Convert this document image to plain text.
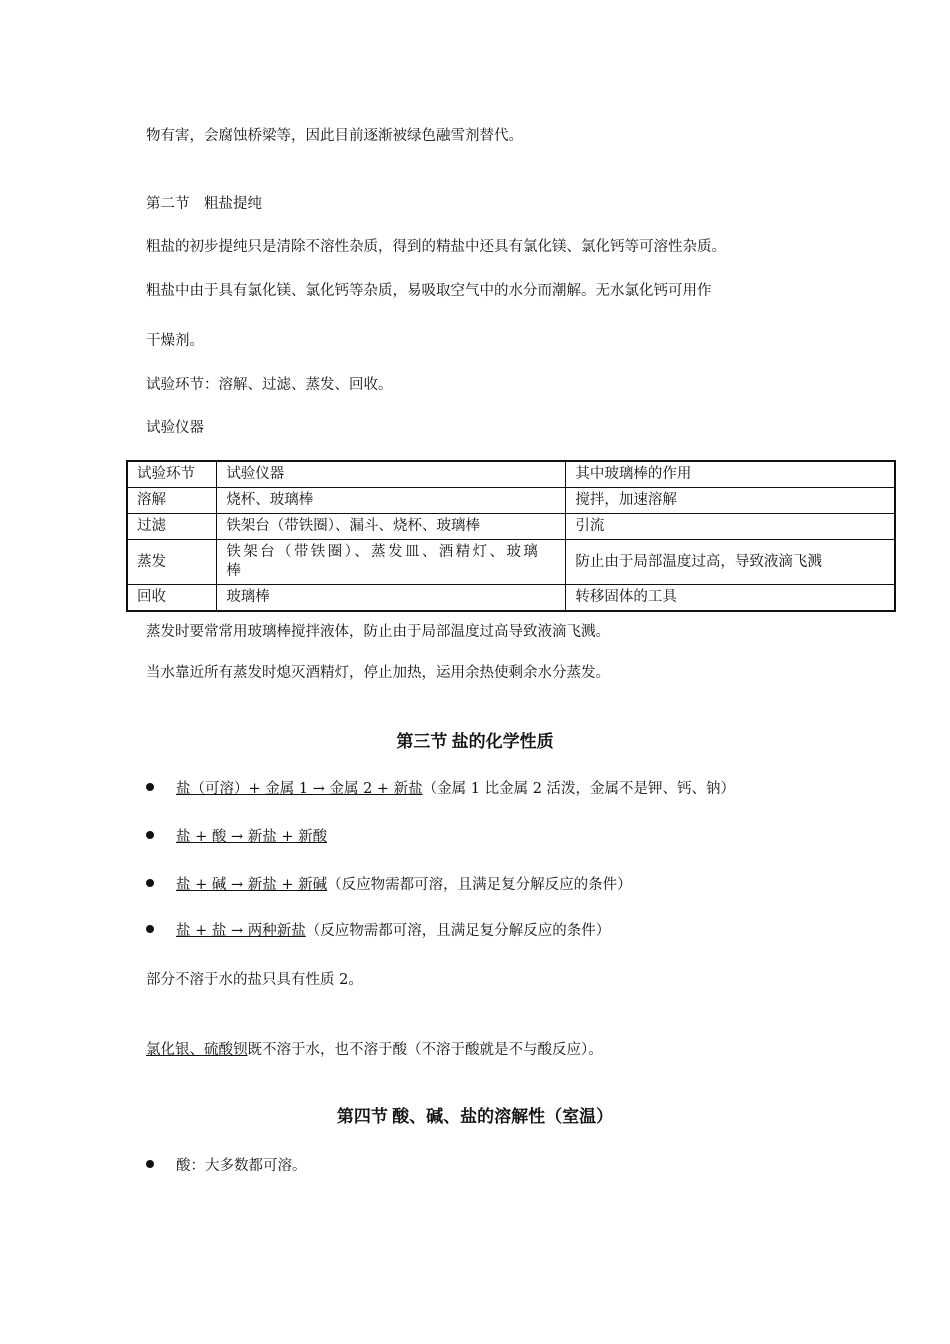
物有害，会腐蚀桥梁等，因此目前逐渐被绿色融雪剂替代。

第二节　粗盐提纯

粗盐的初步提纯只是清除不溶性杂质，得到的精盐中还具有氯化镁、氯化钙等可溶性杂质。

粗盐中由于具有氯化镁、氯化钙等杂质，易吸取空气中的水分而潮解。无水氯化钙可用作

干燥剂。

试验环节：溶解、过滤、蒸发、回收。

试验仪器

试验环节	试验仪器	其中玻璃棒的作用
溶解	烧杯、玻璃棒	搅拌，加速溶解
过滤	铁架台（带铁圈）、漏斗、烧杯、玻璃棒	引流
蒸发	铁架台（带铁圈）、蒸发皿、酒精灯、玻璃棒	防止由于局部温度过高，导致液滴飞溅
回收	玻璃棒	转移固体的工具

蒸发时要常常用玻璃棒搅拌液体，防止由于局部温度过高导致液滴飞溅。

当水靠近所有蒸发时熄灭酒精灯，停止加热，运用余热使剩余水分蒸发。

第三节 盐的化学性质
盐（可溶）+ 金属 1 → 金属 2 + 新盐（金属 1 比金属 2 活泼，金属不是钾、钙、钠）
盐 + 酸 → 新盐 + 新酸
盐 + 碱 → 新盐 + 新碱（反应物需都可溶，且满足复分解反应的条件）
盐 + 盐 → 两种新盐（反应物需都可溶，且满足复分解反应的条件）

部分不溶于水的盐只具有性质 2。

氯化银、硫酸钡既不溶于水，也不溶于酸（不溶于酸就是不与酸反应）。

第四节 酸、碱、盐的溶解性（室温）
酸：大多数都可溶。
